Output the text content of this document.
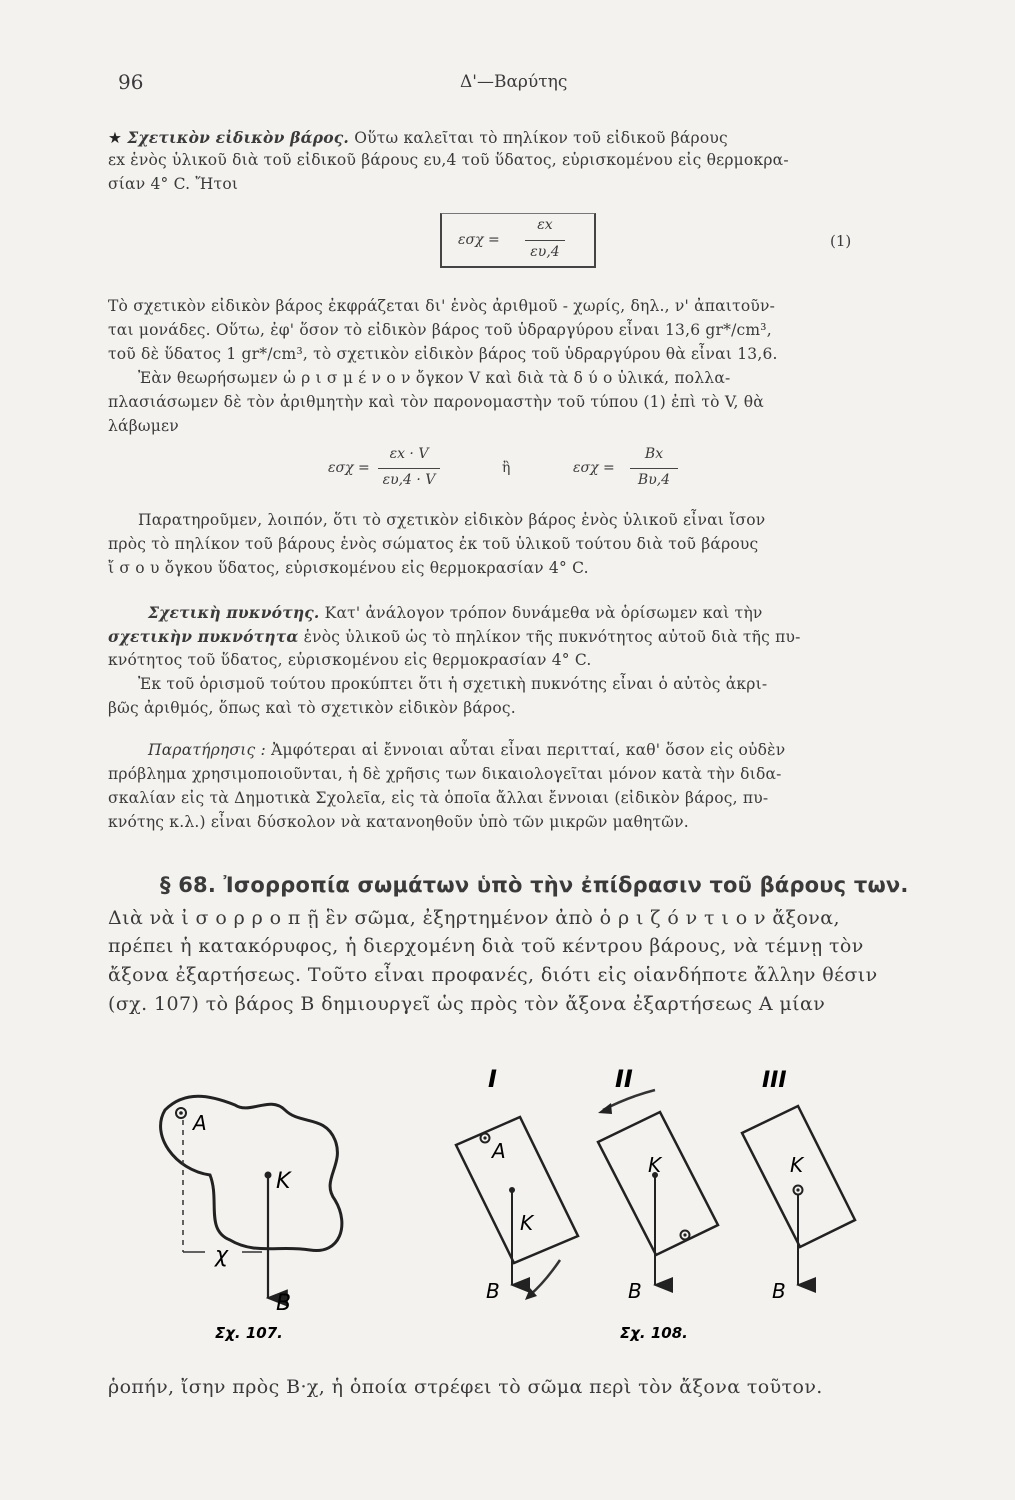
96	Δ'—Βαρύτης
★ Σχετικὸν εἰδικὸν βάρος. Οὕτω καλεῖται τὸ πηλίκον τοῦ εἰδικοῦ βάρους
εx ἑνὸς ὑλικοῦ διὰ τοῦ εἰδικοῦ βάρους ευ,4 τοῦ ὕδατος, εὑρισκομένου εἰς θερμοκρα-
σίαν 4° C. Ἤτοι
εσχ =
εx
ευ,4
(1)
Τὸ σχετικὸν εἰδικὸν βάρος ἐκφράζεται δι' ἑνὸς ἀριθμοῦ - χωρίς, δηλ., ν' ἀπαιτοῦν-
ται μονάδες. Οὕτω, ἐφ' ὅσον τὸ εἰδικὸν βάρος τοῦ ὑδραργύρου εἶναι 13,6 gr*/cm³,
τοῦ δὲ ὕδατος 1 gr*/cm³, τὸ σχετικὸν εἰδικὸν βάρος τοῦ ὑδραργύρου θὰ εἶναι 13,6.
Ἐὰν θεωρήσωμεν ὡ ρ ι σ μ έ ν ο ν ὄγκον V καὶ διὰ τὰ δ ύ ο ὑλικά, πολλα-
πλασιάσωμεν δὲ τὸν ἀριθμητὴν καὶ τὸν παρονομαστὴν τοῦ τύπου (1) ἐπὶ τὸ V, θὰ
λάβωμεν
εσχ =
εx · V
ευ,4 · V
ἢ	εσχ =
Bx
Bυ,4
Παρατηροῦμεν, λοιπόν, ὅτι τὸ σχετικὸν εἰδικὸν βάρος ἑνὸς ὑλικοῦ εἶναι ἴσον
πρὸς τὸ πηλίκον τοῦ βάρους ἑνὸς σώματος ἐκ τοῦ ὑλικοῦ τούτου διὰ τοῦ βάρους
ἴ σ ο υ ὄγκου ὕδατος, εὑρισκομένου εἰς θερμοκρασίαν 4° C.
Σχετικὴ πυκνότης. Κατ' ἀνάλογον τρόπον δυνάμεθα νὰ ὁρίσωμεν καὶ τὴν
σχετικὴν πυκνότητα ἑνὸς ὑλικοῦ ὡς τὸ πηλίκον τῆς πυκνότητος αὐτοῦ διὰ τῆς πυ-
κνότητος τοῦ ὕδατος, εὑρισκομένου εἰς θερμοκρασίαν 4° C.
Ἐκ τοῦ ὁρισμοῦ τούτου προκύπτει ὅτι ἡ σχετικὴ πυκνότης εἶναι ὁ αὐτὸς ἀκρι-
βῶς ἀριθμός, ὅπως καὶ τὸ σχετικὸν εἰδικὸν βάρος.
Παρατήρησις : Ἀμφότεραι αἱ ἔννοιαι αὗται εἶναι περιτταί, καθ' ὅσον εἰς οὐδὲν
πρόβλημα χρησιμοποιοῦνται, ἡ δὲ χρῆσις των δικαιολογεῖται μόνον κατὰ τὴν διδα-
σκαλίαν εἰς τὰ Δημοτικὰ Σχολεῖα, εἰς τὰ ὁποῖα ἄλλαι ἔννοιαι (εἰδικὸν βάρος, πυ-
κνότης κ.λ.) εἶναι δύσκολον νὰ κατανοηθοῦν ὑπὸ τῶν μικρῶν μαθητῶν.
§ 68. Ἰσορροπία σωμάτων ὑπὸ τὴν ἐπίδρασιν τοῦ βάρους των.
Διὰ νὰ ἰ σ ο ρ ρ ο π ῇ ἓν σῶμα, ἐξηρτημένον ἀπὸ ὁ ρ ι ζ ό ν τ ι ο ν ἄξονα,
πρέπει ἡ κατακόρυφος, ἡ διερχομένη διὰ τοῦ κέντρου βάρους, νὰ τέμνῃ τὸν
ἄξονα ἐξαρτήσεως. Τοῦτο εἶναι προφανές, διότι εἰς οἱανδήποτε ἄλλην θέσιν
(σχ. 107) τὸ βάρος B δημιουργεῖ ὡς πρὸς τὸν ἄξονα ἐξαρτήσεως A μίαν
A
K
χ
B
Σχ. 107.
I
A
K
B
II
K
B
III
K
B
Σχ. 108.
ῥοπήν, ἴσην πρὸς B·χ, ἡ ὁποία στρέφει τὸ σῶμα περὶ τὸν ἄξονα τοῦτον.
